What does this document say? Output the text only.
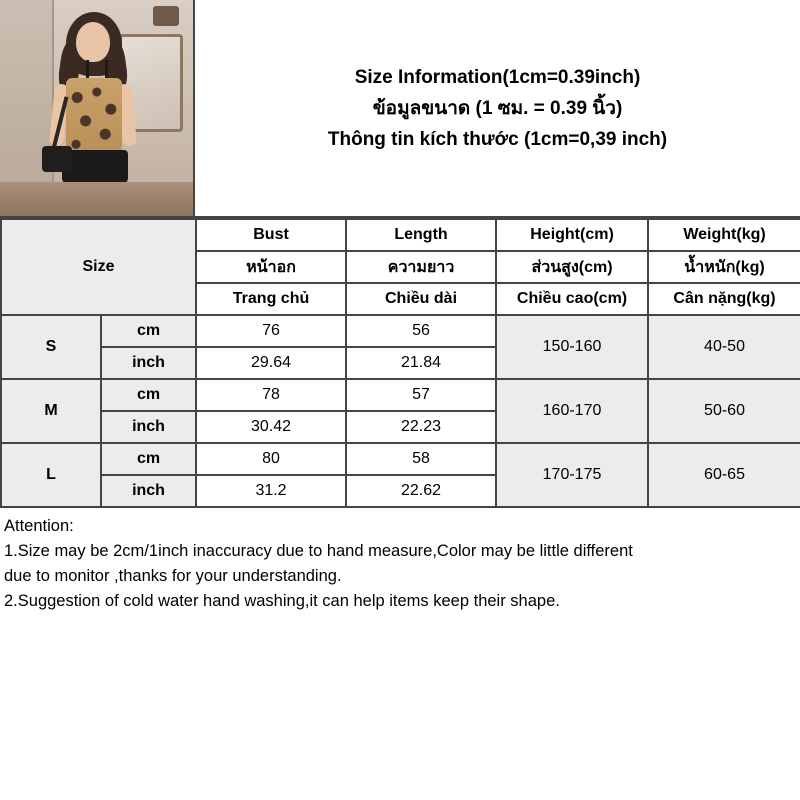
Size Information(1cm=0.39inch)
ข้อมูลขนาด (1 ซม. = 0.39 นิ้ว)
Thông tin kích thước (1cm=0,39 inch)
Size		Bust	Length	Height(cm)	Weight(kg)
		หน้าอก	ความยาว	ส่วนสูง(cm)	น้ำหนัก(kg)
		Trang chủ	Chiều dài	Chiều cao(cm)	Cân nặng(kg)
S	cm	76	56	150-160	40-50
	inch	29.64	21.84		
M	cm	78	57	160-170	50-60
	inch	30.42	22.23		
L	cm	80	58	170-175	60-65
	inch	31.2	22.62		
Attention:
1.Size may be 2cm/1inch inaccuracy due to hand measure,Color may be little different
due to monitor ,thanks for your understanding.
2.Suggestion of cold water hand washing,it can help items keep their shape.
